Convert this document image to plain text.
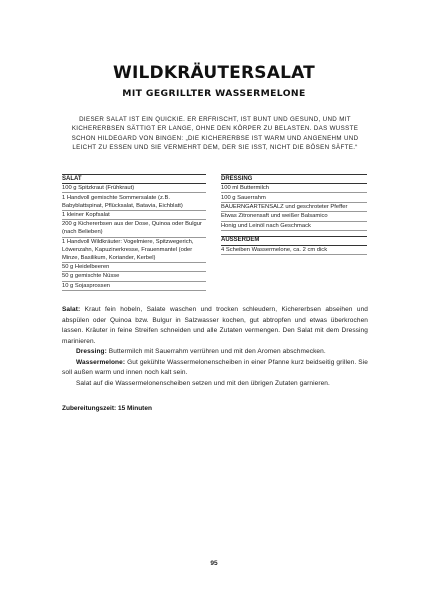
WILDKRÄUTERSALAT
MIT GEGRILLTER WASSERMELONE
DIESER SALAT IST EIN QUICKIE. ER ERFRISCHT, IST BUNT UND GESUND, UND MIT KICHERERBSEN SÄTTIGT ER LANGE, OHNE DEN KÖRPER ZU BELASTEN. DAS WUSSTE SCHON HILDEGARD VON BINGEN: „DIE KICHERERBSE IST WARM UND ANGENEHM UND LEICHT ZU ESSEN UND SIE VERMEHRT DEM, DER SIE ISST, NICHT DIE BÖSEN SÄFTE.“
SALAT
100 g Spitzkraut (Frühkraut)
1 Handvoll gemischte Sommersalate (z.B. Babyblattspinat, Pflücksalat, Batavia, Eichblatt)
1 kleiner Kopfsalat
200 g Kichererbsen aus der Dose, Quinoa oder Bulgur (nach Belieben)
1 Handvoll Wildkräuter: Vogelmiere, Spitzwegerich, Löwenzahn, Kapuzinerkresse, Frauenmantel (oder Minze, Basilikum, Koriander, Kerbel)
50 g Heidelbeeren
50 g gemischte Nüsse
10 g Sojasprossen
DRESSING
100 ml Buttermilch
100 g Sauerrahm
BAUERNGARTENSALZ und geschroteter Pfeffer
Etwas Zitronensaft und weißer Balsamico
Honig und Leinöl nach Geschmack
AUSSERDEM
4 Scheiben Wassermelone, ca. 2 cm dick

Salat: Kraut fein hobeln, Salate waschen und trocken schleudern, Kichererbsen abseihen und abspülen oder Quinoa bzw. Bulgur in Salzwasser kochen, gut abtropfen und etwas überkrochen lassen. Kräuter in feine Streifen schneiden und alle Zutaten vermengen. Den Salat mit dem Dressing marinieren.

Dressing: Buttermilch mit Sauerrahm verrühren und mit den Aromen abschmecken.

Wassermelone: Gut gekühlte Wassermelonenscheiben in einer Pfanne kurz beidseitig grillen. Sie soll außen warm und innen noch kalt sein.

Salat auf die Wassermelonenscheiben setzen und mit den übrigen Zutaten garnieren.

Zubereitungszeit: 15 Minuten
95
